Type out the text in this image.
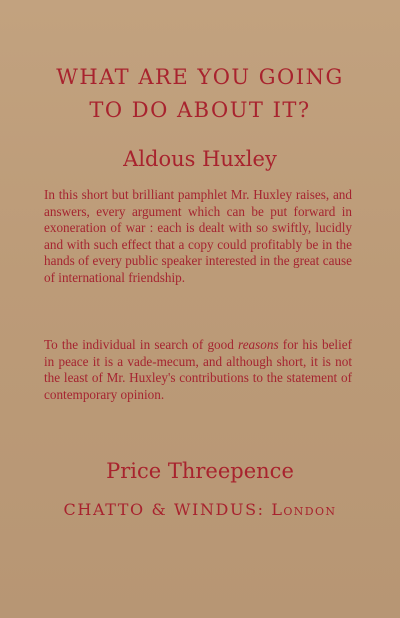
WHAT ARE YOU GOING
TO DO ABOUT IT?
Aldous Huxley
In this short but brilliant pamphlet Mr. Huxley raises, and answers, every argument which can be put forward in exoneration of war : each is dealt with so swiftly, lucidly and with such effect that a copy could profitably be in the hands of every public speaker interested in the great cause of international friendship.
To the individual in search of good reasons for his belief in peace it is a vade-mecum, and although short, it is not the least of Mr. Huxley's contributions to the statement of contemporary opinion.
Price Threepence
CHATTO & WINDUS: London
